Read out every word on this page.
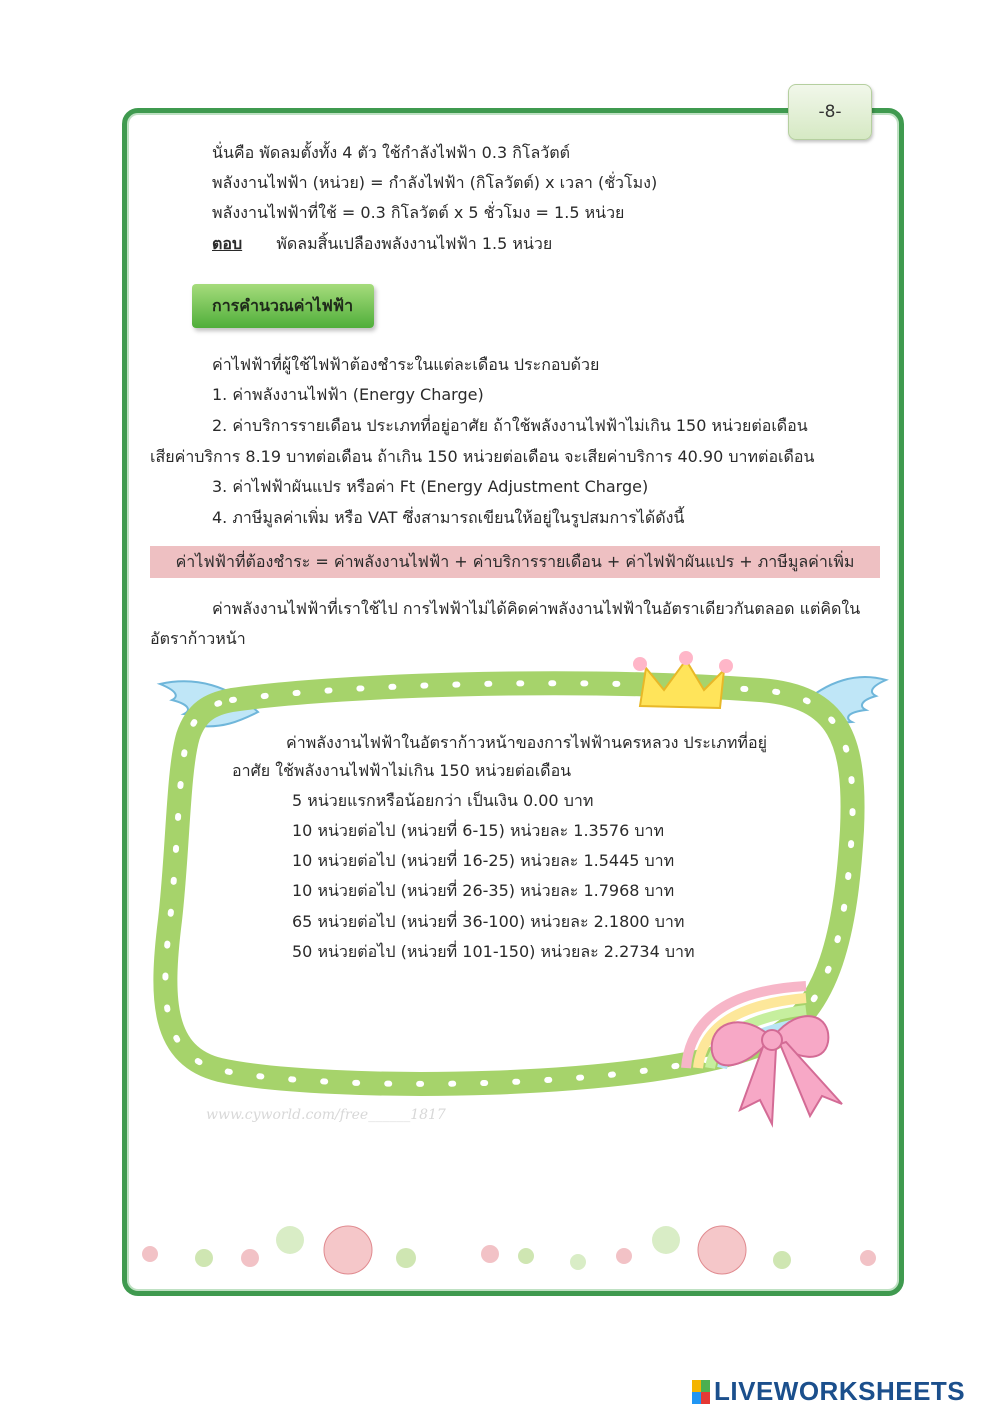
-8-
นั่นคือ พัดลมตั้งทั้ง 4 ตัว ใช้กำลังไฟฟ้า 0.3 กิโลวัตต์
พลังงานไฟฟ้า (หน่วย) = กำลังไฟฟ้า (กิโลวัตต์) x เวลา (ชั่วโมง)
พลังงานไฟฟ้าที่ใช้ = 0.3 กิโลวัตต์ x 5 ชั่วโมง = 1.5 หน่วย
ตอบ พัดลมสิ้นเปลืองพลังงานไฟฟ้า 1.5 หน่วย
การคำนวณค่าไฟฟ้า
ค่าไฟฟ้าที่ผู้ใช้ไฟฟ้าต้องชำระในแต่ละเดือน ประกอบด้วย
1. ค่าพลังงานไฟฟ้า (Energy Charge)
2. ค่าบริการรายเดือน ประเภทที่อยู่อาศัย ถ้าใช้พลังงานไฟฟ้าไม่เกิน 150 หน่วยต่อเดือน
เสียค่าบริการ 8.19 บาทต่อเดือน ถ้าเกิน 150 หน่วยต่อเดือน จะเสียค่าบริการ 40.90 บาทต่อเดือน
3. ค่าไฟฟ้าผันแปร หรือค่า Ft (Energy Adjustment Charge)
4. ภาษีมูลค่าเพิ่ม หรือ VAT ซึ่งสามารถเขียนให้อยู่ในรูปสมการได้ดังนี้
ค่าไฟฟ้าที่ต้องชำระ = ค่าพลังงานไฟฟ้า + ค่าบริการรายเดือน + ค่าไฟฟ้าผันแปร + ภาษีมูลค่าเพิ่ม
ค่าพลังงานไฟฟ้าที่เราใช้ไป การไฟฟ้าไม่ได้คิดค่าพลังงานไฟฟ้าในอัตราเดียวกันตลอด แต่คิดใน
อัตราก้าวหน้า
ค่าพลังงานไฟฟ้าในอัตราก้าวหน้าของการไฟฟ้านครหลวง ประเภทที่อยู่
อาศัย ใช้พลังงานไฟฟ้าไม่เกิน 150 หน่วยต่อเดือน
5 หน่วยแรกหรือน้อยกว่า เป็นเงิน 0.00 บาท
10 หน่วยต่อไป (หน่วยที่ 6-15) หน่วยละ 1.3576 บาท
10 หน่วยต่อไป (หน่วยที่ 16-25) หน่วยละ 1.5445 บาท
10 หน่วยต่อไป (หน่วยที่ 26-35) หน่วยละ 1.7968 บาท
65 หน่วยต่อไป (หน่วยที่ 36-100) หน่วยละ 2.1800 บาท
50 หน่วยต่อไป (หน่วยที่ 101-150) หน่วยละ 2.2734 บาท
www.cyworld.com/free______1817
LIVEWORKSHEETS
